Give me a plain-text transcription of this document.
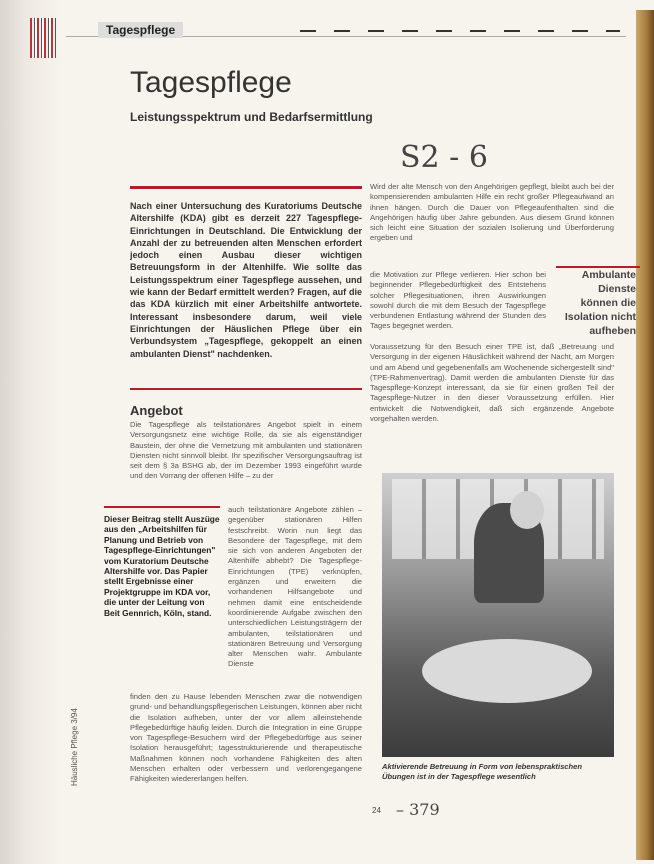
Tagespflege
Tagespflege
Leistungsspektrum und Bedarfsermittlung
S2 - 6
Nach einer Untersuchung des Kuratoriums Deutsche Altershilfe (KDA) gibt es derzeit 227 Tagespflege-Einrichtungen in Deutschland. Die Entwicklung der Anzahl der zu betreuenden alten Menschen erfordert jedoch einen Ausbau dieser wichtigen Betreuungsform in der Altenhilfe. Wie sollte das Leistungsspektrum einer Tagespflege aussehen, und wie kann der Bedarf ermittelt werden? Fragen, auf die das KDA kürzlich mit einer Arbeitshilfe antwortete. Interessant insbesondere darum, weil viele Einrichtungen der Häuslichen Pflege über ein Verbundsystem „Tagespflege, gekoppelt an einen ambulanten Dienst" nachdenken.
Angebot
Die Tagespflege als teilstationäres Angebot spielt in einem Versorgungsnetz eine wichtige Rolle, da sie als eigenständiger Baustein, der ohne die Vernetzung mit ambulanten und stationären Diensten nicht sinnvoll bleibt. Ihr spezifischer Versorgungsauftrag ist seit dem § 3a BSHG ab, der im Dezember 1993 eingeführt wurde und den Vorrang der offenen Hilfe – zu der
Dieser Beitrag stellt Auszüge aus den „Arbeitshilfen für Planung und Betrieb von Tagespflege-Einrichtungen" vom Kuratorium Deutsche Altershilfe vor. Das Papier stellt Ergebnisse einer Projektgruppe im KDA vor, die unter der Leitung von Beit Gennrich, Köln, stand.
auch teilstationäre Angebote zählen – gegenüber stationären Hilfen festschreibt. Worin nun liegt das Besondere der Tagespflege, mit dem sie sich von anderen Angeboten der Altenhilfe abhebt? Die Tagespflege-Einrichtungen (TPE) verknüpfen, ergänzen und erweitern die vorhandenen Hilfsangebote und nehmen damit eine entscheidende koordinierende Aufgabe zwischen den unterschiedlichen Leistungsträgern der ambulanten, teilstationären und stationären Betreuung und Versorgung alter Menschen wahr. Ambulante Dienste
finden den zu Hause lebenden Menschen zwar die notwendigen grund- und behandlungspflegerischen Leistungen, können aber nicht die Isolation aufheben, unter der vor allem alleinstehende Pflegebedürftige häufig leiden. Durch die Integration in eine Gruppe von Tagespflege-Besuchern wird der Pflegebedürftige aus seiner Isolation herausgeführt; tagesstrukturierende und therapeutische Maßnahmen können noch vorhandene Fähigkeiten des alten Menschen erhalten oder verbessern und verlorengegangene Fähigkeiten wiedererlangen helfen.
Wird der alte Mensch von den Angehörigen gepflegt, bleibt auch bei der kompensierenden ambulanten Hilfe ein recht großer Pflegeaufwand an ihnen hängen. Durch die Dauer von Pflegeaufenthalten sind die Angehörigen häufig über Jahre gebunden. Aus diesem Grund können sich leicht eine Situation der sozialen Isolierung und Überforderung ergeben und
die Motivation zur Pflege verlieren. Hier schon bei beginnender Pflegebedürftigkeit des Entstehens solcher Pflegesituationen, ihren Auswirkungen sowohl durch die mit dem Besuch der Tagespflege verbundenen Entlastung während der Stunden des Tages begegnet werden.
Ambulante Dienste können die Isolation nicht aufheben
Voraussetzung für den Besuch einer TPE ist, daß „Betreuung und Versorgung in der eigenen Häuslichkeit während der Nacht, am Morgen und am Abend und gegebenenfalls am Wochenende sichergestellt sind" (TPE-Rahmenvertrag). Damit werden die ambulanten Dienste für das Tagespflege-Konzept interessant, da sie für einen großen Teil der Tagespflege-Nutzer in den dieser Voraussetzung erfüllen. Hier entwickelt die Notwendigkeit, daß sich ergänzende Angebote vorgehalten werden.
Aktivierende Betreuung in Form von lebenspraktischen Übungen ist in der Tagespflege wesentlich
Häusliche Pflege 3/94
24 – 379
